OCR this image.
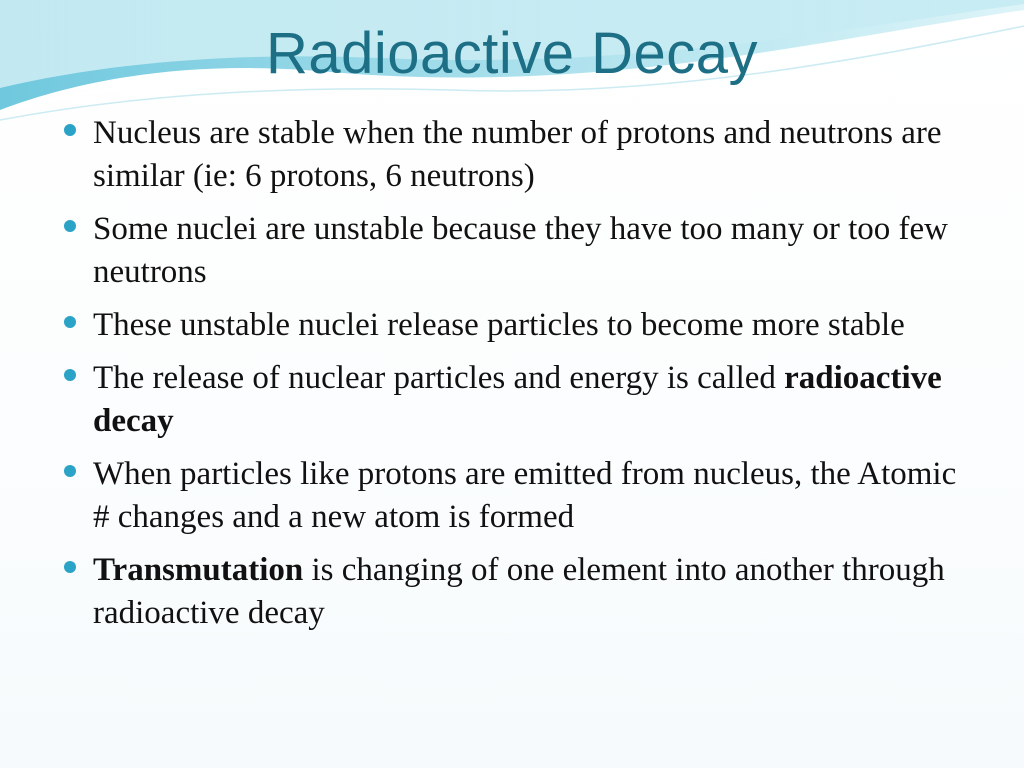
Radioactive Decay
Nucleus are stable when the number of protons and neutrons are similar (ie: 6 protons, 6 neutrons)
Some nuclei are unstable because they have too many or too few neutrons
These unstable nuclei release particles to become more stable
The release of nuclear particles and energy is called radioactive decay
When particles like protons are emitted from nucleus, the Atomic # changes and a new atom is formed
Transmutation is changing of one element into another through radioactive decay
